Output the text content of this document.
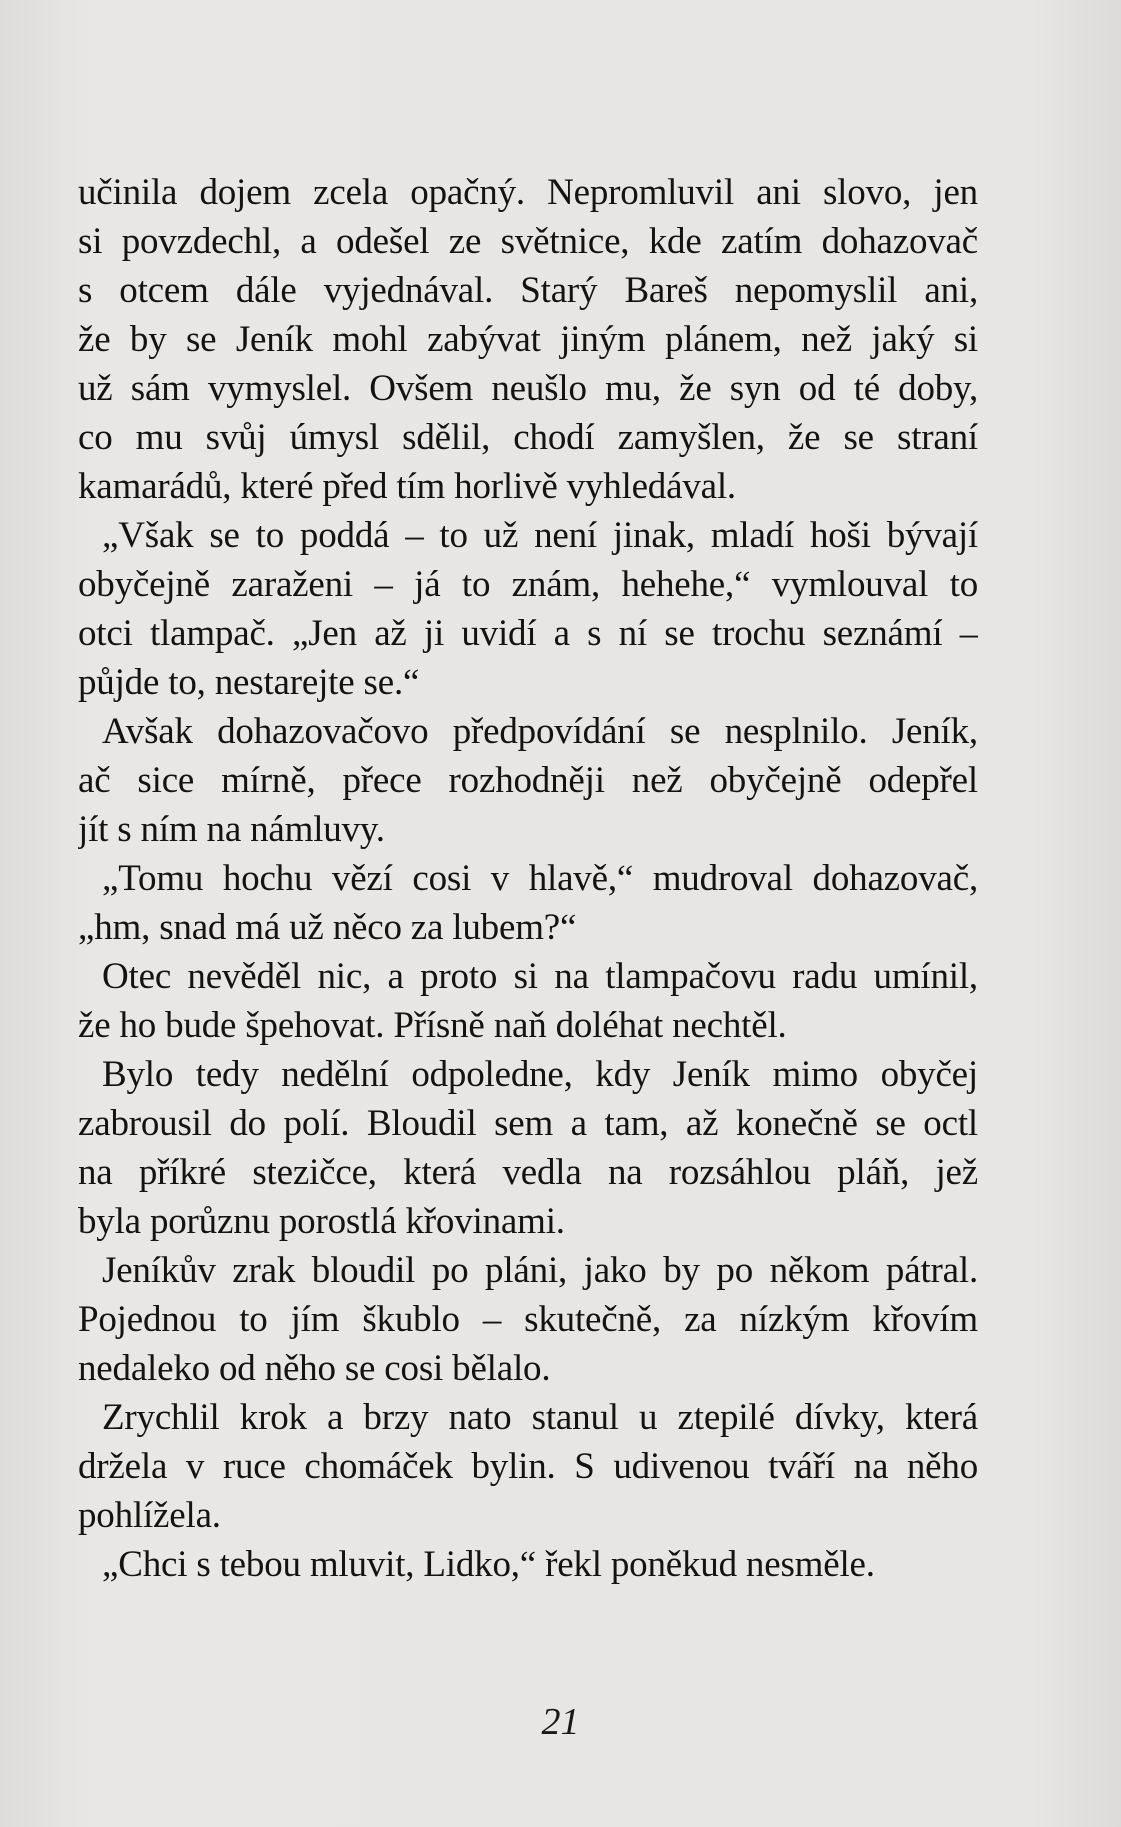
učinila dojem zcela opačný. Nepromluvil ani slovo, jen
si povzdechl, a odešel ze světnice, kde zatím dohazovač
s otcem dále vyjednával. Starý Bareš nepomyslil ani,
že by se Jeník mohl zabývat jiným plánem, než jaký si
už sám vymyslel. Ovšem neušlo mu, že syn od té doby,
co mu svůj úmysl sdělil, chodí zamyšlen, že se straní
kamarádů, které před tím horlivě vyhledával.
„Však se to poddá – to už není jinak, mladí hoši bývají
obyčejně zaraženi – já to znám, hehehe,“ vymlouval to
otci tlampač. „Jen až ji uvidí a s ní se trochu seznámí –
půjde to, nestarejte se.“
Avšak dohazovačovo předpovídání se nesplnilo. Jeník,
ač sice mírně, přece rozhodněji než obyčejně odepřel
jít s ním na námluvy.
„Tomu hochu vězí cosi v hlavě,“ mudroval dohazovač,
„hm, snad má už něco za lubem?“
Otec nevěděl nic, a proto si na tlampačovu radu umínil,
že ho bude špehovat. Přísně naň doléhat nechtěl.
Bylo tedy nedělní odpoledne, kdy Jeník mimo obyčej
zabrousil do polí. Bloudil sem a tam, až konečně se octl
na příkré stezičce, která vedla na rozsáhlou pláň, jež
byla porůznu porostlá křovinami.
Jeníkův zrak bloudil po pláni, jako by po někom pátral.
Pojednou to jím škublo – skutečně, za nízkým křovím
nedaleko od něho se cosi bělalo.
Zrychlil krok a brzy nato stanul u ztepilé dívky, která
držela v ruce chomáček bylin. S udivenou tváří na něho
pohlížela.
„Chci s tebou mluvit, Lidko,“ řekl poněkud nesměle.
21
